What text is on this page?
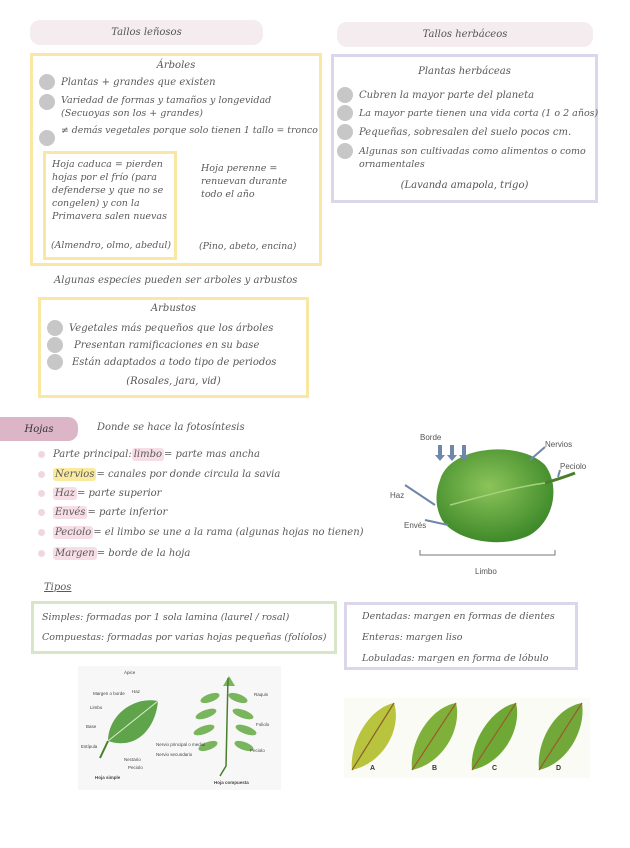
Tallos leñosos	Tallos herbáceos
Árboles
Plantas + grandes que existen
Variedad de formas y tamaños y longevidad
(Secuoyas son los + grandes)
≠ demás vegetales porque solo tienen 1 tallo = tronco
Hoja caduca = pierden hojas por el frío (para defenderse y que no se congelen) y con la Primavera salen nuevas
(Almendro, olmo, abedul)
Hoja perenne = renuevan durante todo el año
(Pino, abeto, encina)
Plantas herbáceas
Cubren la mayor parte del planeta
La mayor parte tienen una vida corta (1 o 2 años)
Pequeñas, sobresalen del suelo pocos cm.
Algunas son cultivadas como alimentos o como ornamentales
(Lavanda amapola, trigo)
Algunas especies pueden ser arboles y arbustos
Arbustos
Vegetales más pequeños que los árboles
Presentan ramificaciones en su base
Están adaptados a todo tipo de periodos
(Rosales, jara, vid)
Hojas	Donde se hace la fotosíntesis
Parte principal: limbo = parte mas ancha
Nervios = canales por donde circula la savia
Haz = parte superior
Envés = parte inferior
Peciolo = el limbo se une a la rama (algunas hojas no tienen)
Margen = borde de la hoja
Borde
Nervios
Peciolo
Haz
Envés
Limbo
Tipos
Simples: formadas por 1 sola lamina (laurel / rosal)
Compuestas: formadas por varias hojas pequeñas (folíolos)
Dentadas: margen en formas de dientes
Enteras: margen liso
Lobuladas: margen en forma de lóbulo
Ápice
Haz
Margen o borde
Limbo
Base
Estípula
Nectario
Peciolo
Nervio principal o medial
Nervio secundario
Hoja simple
Raquis
Foliolo
Peciolo
Hoja compuesta
A	B	C	D
